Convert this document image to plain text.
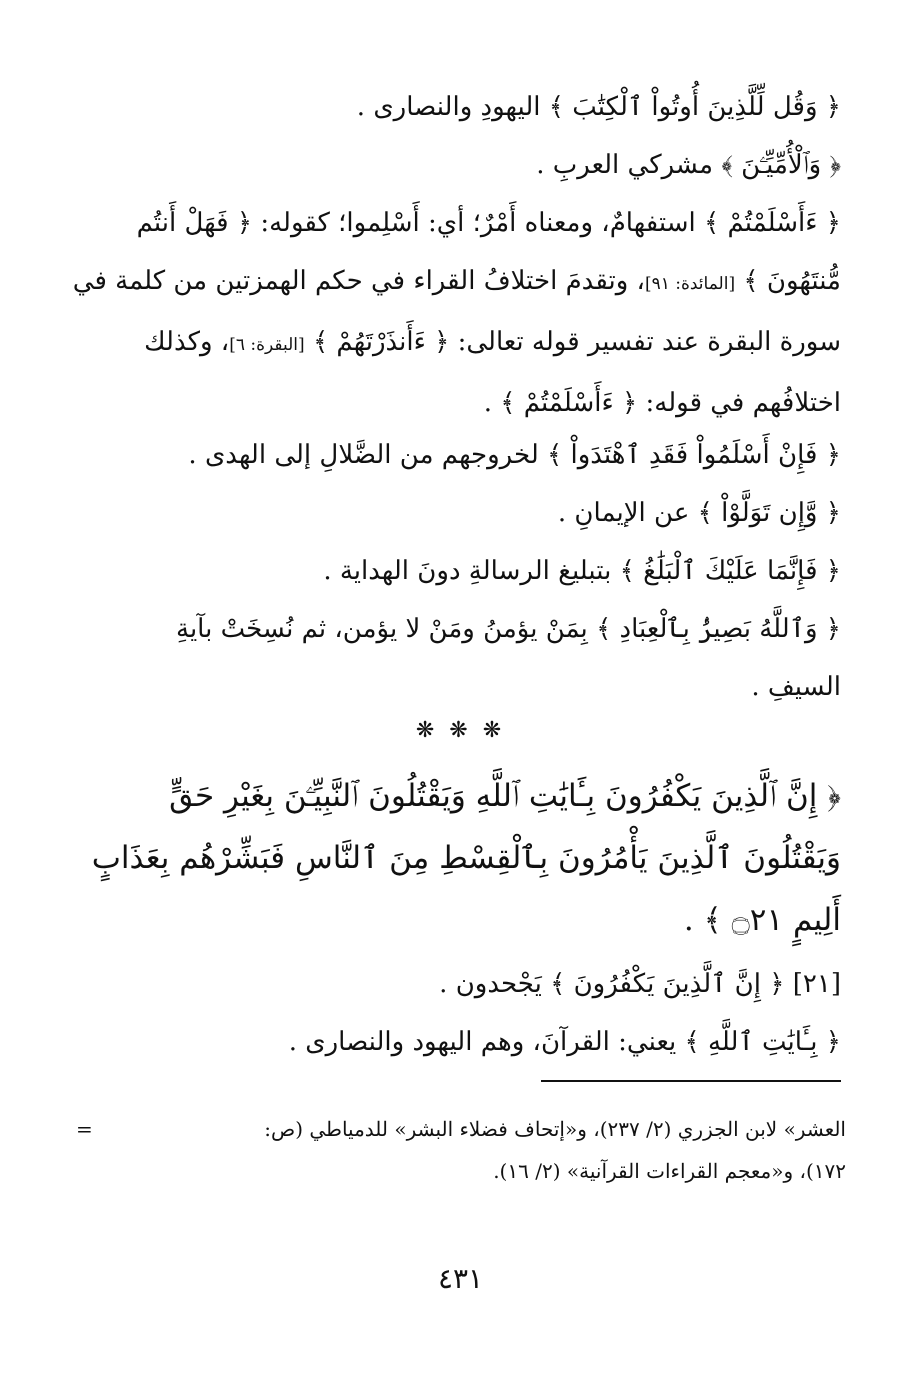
﴿ وَقُل لِّلَّذِينَ أُوتُواْ ٱلْكِتَٰبَ ﴾ اليهودِ والنصارى .
﴿ وَٱلْأُمِّيِّـۧنَ ﴾ مشركي العربِ .
﴿ ءَأَسْلَمْتُمْ ﴾ استفهامٌ، ومعناه أَمْرٌ؛ أي: أَسْلِموا؛ كقوله: ﴿ فَهَلْ أَنتُم
مُّنتَهُونَ ﴾ [المائدة: ٩١]، وتقدمَ اختلافُ القراء في حكم الهمزتين من كلمة في
سورة البقرة عند تفسير قوله تعالى: ﴿ ءَأَنذَرْتَهُمْ ﴾ [البقرة: ٦]، وكذلك
اختلافُهم في قوله: ﴿ ءَأَسْلَمْتُمْ ﴾ .
﴿ فَإِنْ أَسْلَمُواْ فَقَدِ ٱهْتَدَواْ ﴾ لخروجهم من الضَّلالِ إلى الهدى .
﴿ وَّإِن تَوَلَّوْاْ ﴾ عن الإيمانِ .
﴿ فَإِنَّمَا عَلَيْكَ ٱلْبَلَٰغُ ﴾ بتبليغ الرسالةِ دونَ الهداية .
﴿ وَٱللَّهُ بَصِيرُۢ بِٱلْعِبَادِ ﴾ بِمَنْ يؤمنُ ومَنْ لا يؤمن، ثم نُسِخَتْ بآيةِ
السيفِ .
❋ ❋ ❋
﴿ إِنَّ ٱلَّذِينَ يَكْفُرُونَ بِـَٔايَٰتِ ٱللَّهِ وَيَقْتُلُونَ ٱلنَّبِيِّـۧنَ بِغَيْرِ حَقٍّ
وَيَقْتُلُونَ ٱلَّذِينَ يَأْمُرُونَ بِٱلْقِسْطِ مِنَ ٱلنَّاسِ فَبَشِّرْهُم بِعَذَابٍ
أَلِيمٍ ۝٢١ ﴾ .
[٢١] ﴿ إِنَّ ٱلَّذِينَ يَكْفُرُونَ ﴾ يَجْحدون .
﴿ بِـَٔايَٰتِ ٱللَّهِ ﴾ يعني: القرآنَ، وهم اليهود والنصارى .
=	العشر» لابن الجزري (٢/ ٢٣٧)، و«إتحاف فضلاء البشر» للدمياطي (ص:
١٧٢)، و«معجم القراءات القرآنية» (٢/ ١٦).
٤٣١
